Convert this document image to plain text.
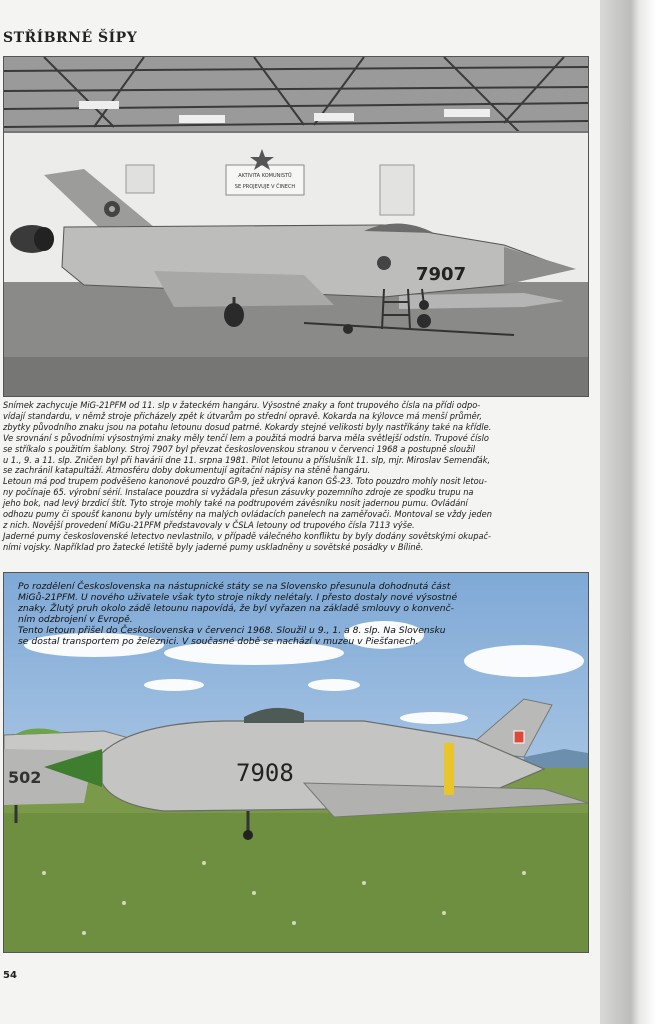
STŘÍBRNÉ ŠÍPY
AKTIVITA KOMUNISTŮ
SE PROJEVUJE V ČINECH
7907
Snímek zachycuje MiG-21PFM od 11. slp v žateckém hangáru. Výsostné znaky a font trupového čísla na přídi odpo-
vídají standardu, v němž stroje přicházely zpět k útvarům po střední opravě. Kokarda na kýlovce má menší průměr,
zbytky původního znaku jsou na potahu letounu dosud patrné. Kokardy stejné velikosti byly nastříkány také na křídle.
Ve srovnání s původními výsostnými znaky měly tenčí lem a použitá modrá barva měla světlejší odstín. Trupové číslo
se stříkalo s použitím šablony. Stroj 7907 byl převzat československou stranou v červenci 1968 a postupně sloužil
u 1., 9. a 11. slp. Zničen byl při havárii dne 11. srpna 1981. Pilot letounu a příslušník 11. slp, mjr. Miroslav Semenďák,
se zachránil katapultáží. Atmosféru doby dokumentují agitační nápisy na stěně hangáru.
Letoun má pod trupem podvěšeno kanonové pouzdro GP-9, jež ukrývá kanon GŠ-23. Toto pouzdro mohly nosit letou-
ny počínaje 65. výrobní sérií. Instalace pouzdra si vyžádala přesun zásuvky pozemního zdroje ze spodku trupu na
jeho bok, nad levý brzdicí štít. Tyto stroje mohly také na podtrupovém závěsníku nosit jadernou pumu. Ovládání
odhozu pumy či spoušť kanonu byly umístěny na malých ovládacích panelech na zaměřovači. Montoval se vždy jeden
z nich. Novější provedení MiGu-21PFM představovaly v ČSLA letouny od trupového čísla 7113 výše.
Jaderné pumy československé letectvo nevlastnilo, v případě válečného konfliktu by byly dodány sovětskými okupač-
ními vojsky. Například pro žatecké letiště byly jaderné pumy uskladněny u sovětské posádky v Bílině.
502	7908
Po rozdělení Československa na nástupnické státy se na Slovensko přesunula dohodnutá část
MiGů-21PFM. U nového uživatele však tyto stroje nikdy nelétaly. I přesto dostaly nové výsostné
znaky. Žlutý pruh okolo zádě letounu napovídá, že byl vyřazen na základě smlouvy o konvenč-
ním odzbrojení v Evropě.
Tento letoun přišel do Československa v červenci 1968. Sloužil u 9., 1. a 8. slp. Na Slovensku
se dostal transportem po železnici. V současné době se nachází v muzeu v Piešťanech.
54
